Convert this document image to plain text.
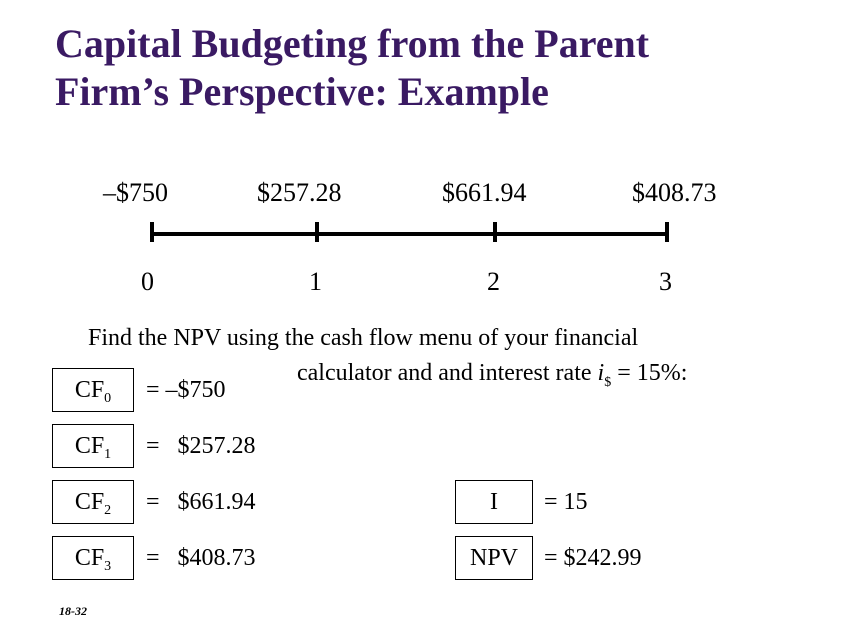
Capital Budgeting from the Parent
Firm’s Perspective: Example
–$750	$257.28	$661.94	$408.73
0	1	2	3
Find the NPV using the cash flow menu of your financial
calculator and and interest rate $i_{\$} = 15\%$:
$CF_0$	= –$750
$CF_1$	=   $257.28
$CF_2$	=   $661.94
$CF_3$	=   $408.73
I	= 15
NPV	= $242.99
18-32
